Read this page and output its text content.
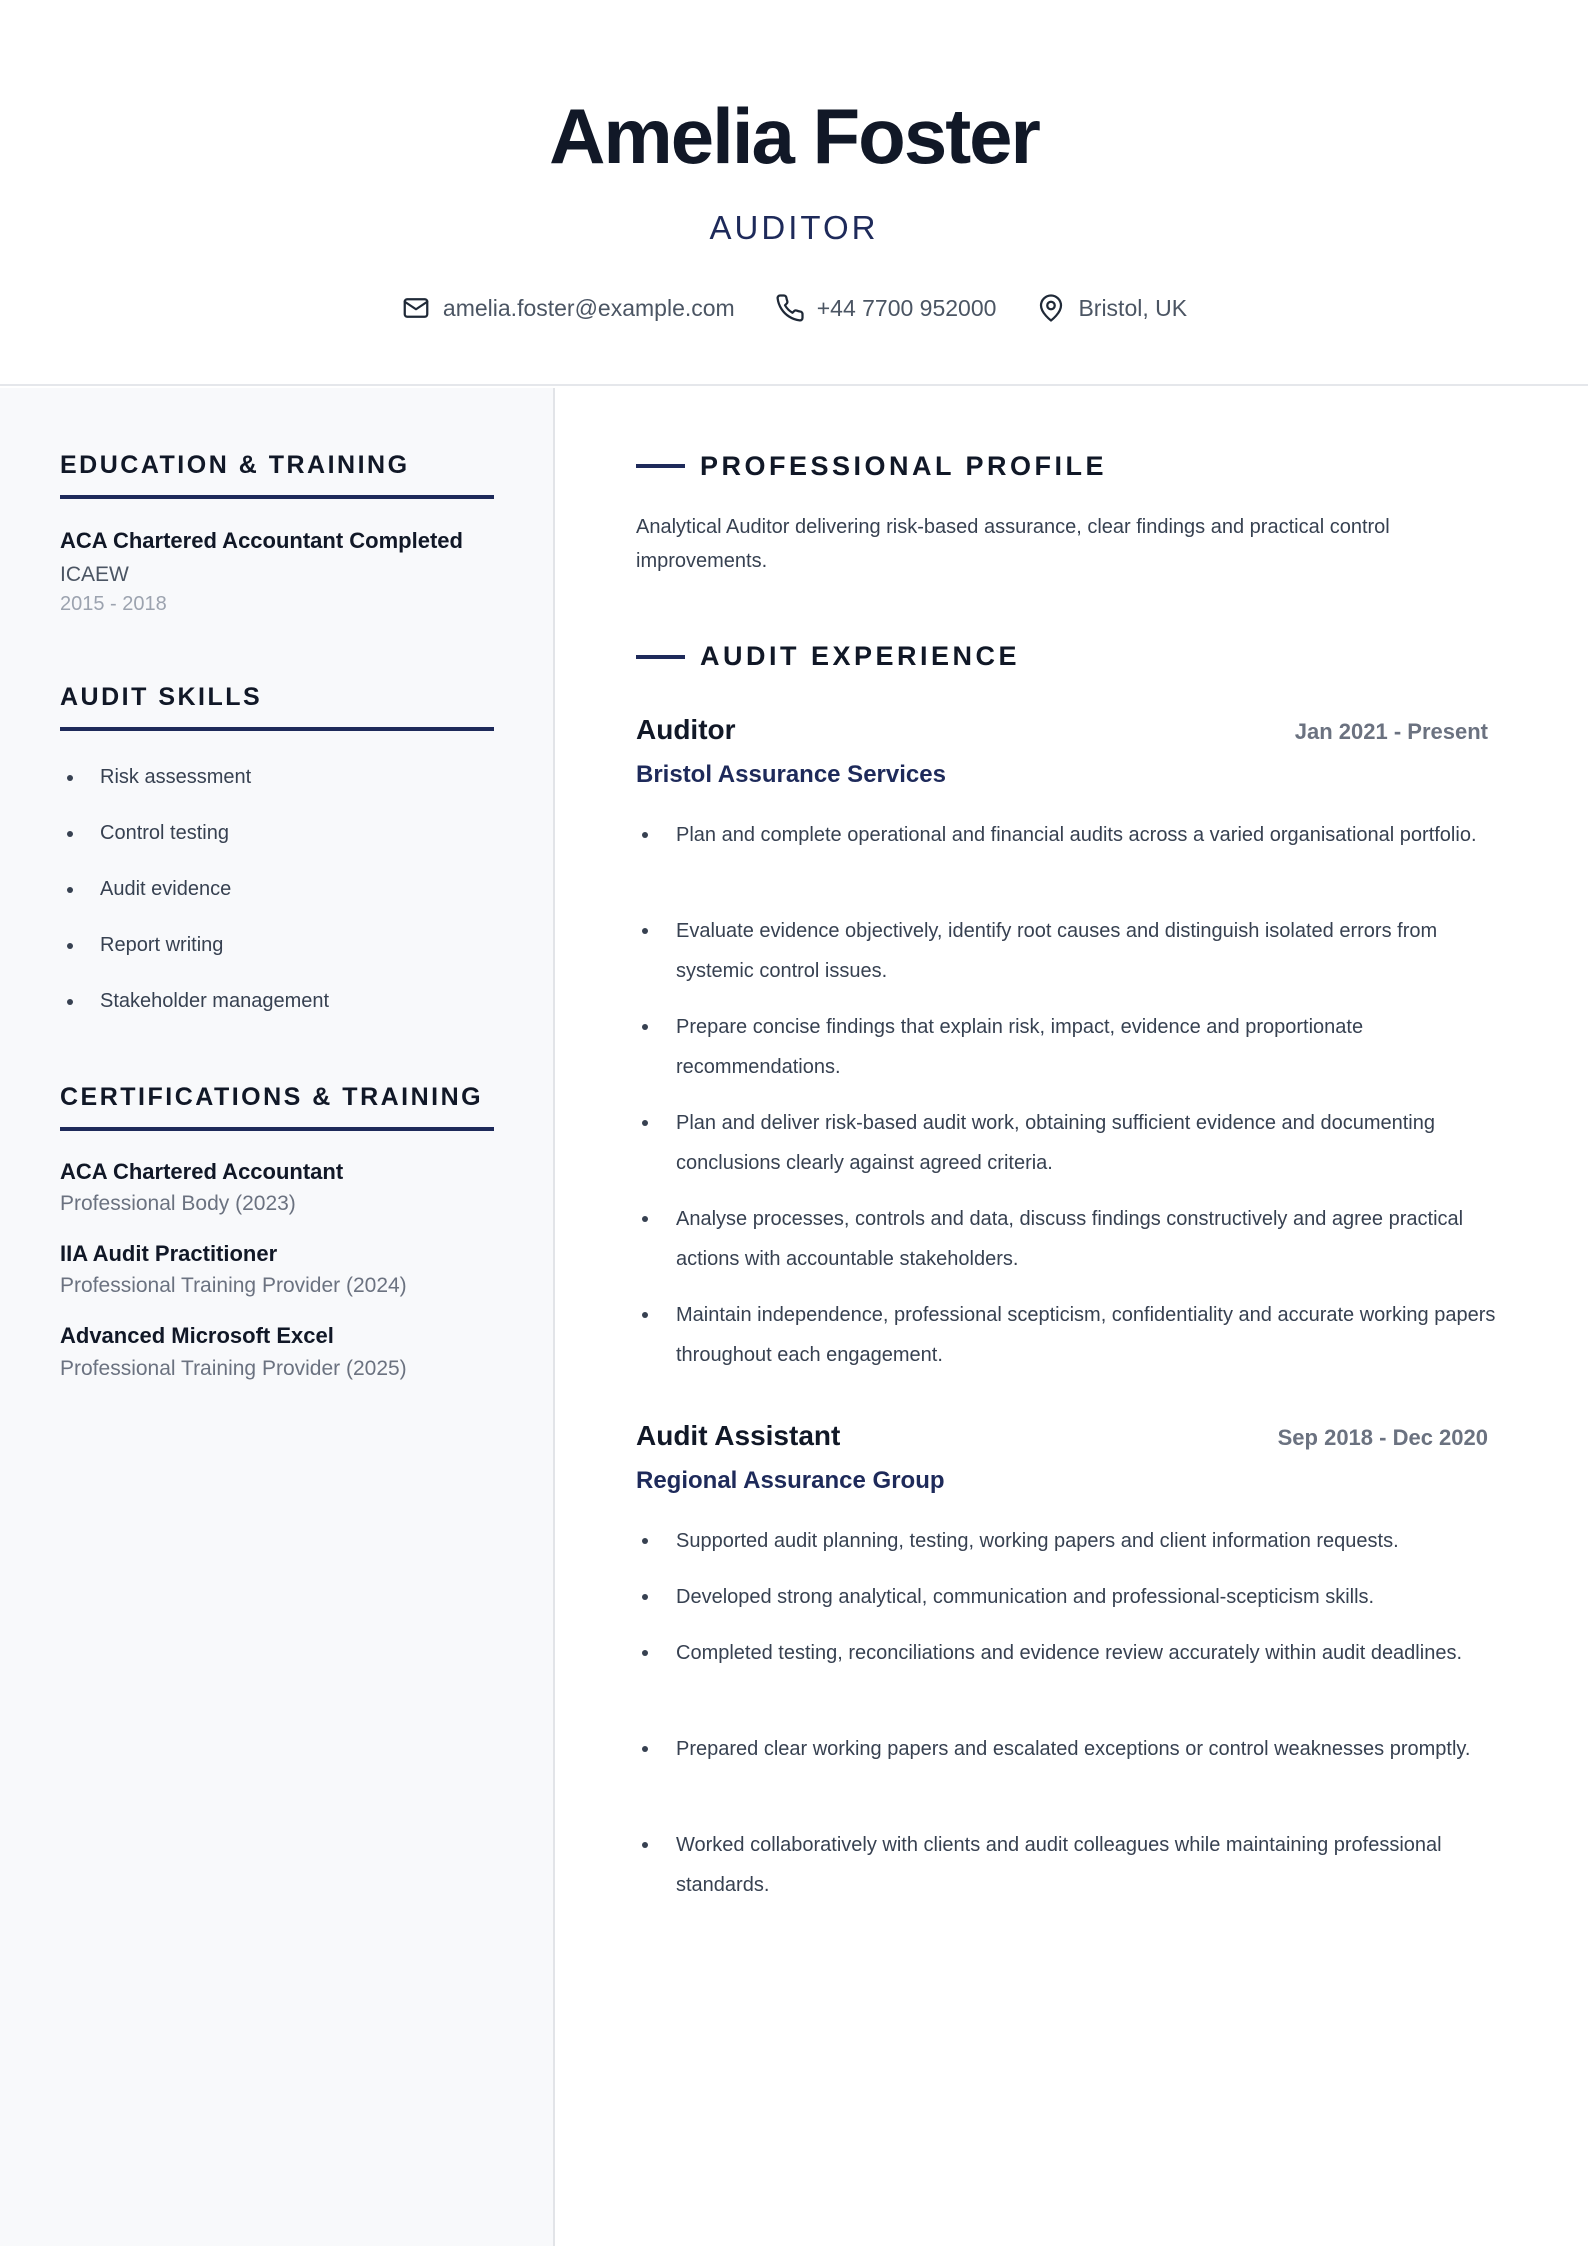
Amelia Foster
AUDITOR
amelia.foster@example.com	+44 7700 952000	Bristol, UK
EDUCATION & TRAINING
ACA Chartered Accountant Completed
ICAEW
2015 - 2018
AUDIT SKILLS
Risk assessment
Control testing
Audit evidence
Report writing
Stakeholder management
CERTIFICATIONS & TRAINING
ACA Chartered Accountant
Professional Body (2023)
IIA Audit Practitioner
Professional Training Provider (2024)
Advanced Microsoft Excel
Professional Training Provider (2025)
PROFESSIONAL PROFILE
Analytical Auditor delivering risk-based assurance, clear findings and practical control improvements.
AUDIT EXPERIENCE
Auditor	Jan 2021 - Present
Bristol Assurance Services
Plan and complete operational and financial audits across a varied organisational portfolio.
Evaluate evidence objectively, identify root causes and distinguish isolated errors from systemic control issues.
Prepare concise findings that explain risk, impact, evidence and proportionate recommendations.
Plan and deliver risk-based audit work, obtaining sufficient evidence and documenting conclusions clearly against agreed criteria.
Analyse processes, controls and data, discuss findings constructively and agree practical actions with accountable stakeholders.
Maintain independence, professional scepticism, confidentiality and accurate working papers throughout each engagement.
Audit Assistant	Sep 2018 - Dec 2020
Regional Assurance Group
Supported audit planning, testing, working papers and client information requests.
Developed strong analytical, communication and professional-scepticism skills.
Completed testing, reconciliations and evidence review accurately within audit deadlines.
Prepared clear working papers and escalated exceptions or control weaknesses promptly.
Worked collaboratively with clients and audit colleagues while maintaining professional standards.
